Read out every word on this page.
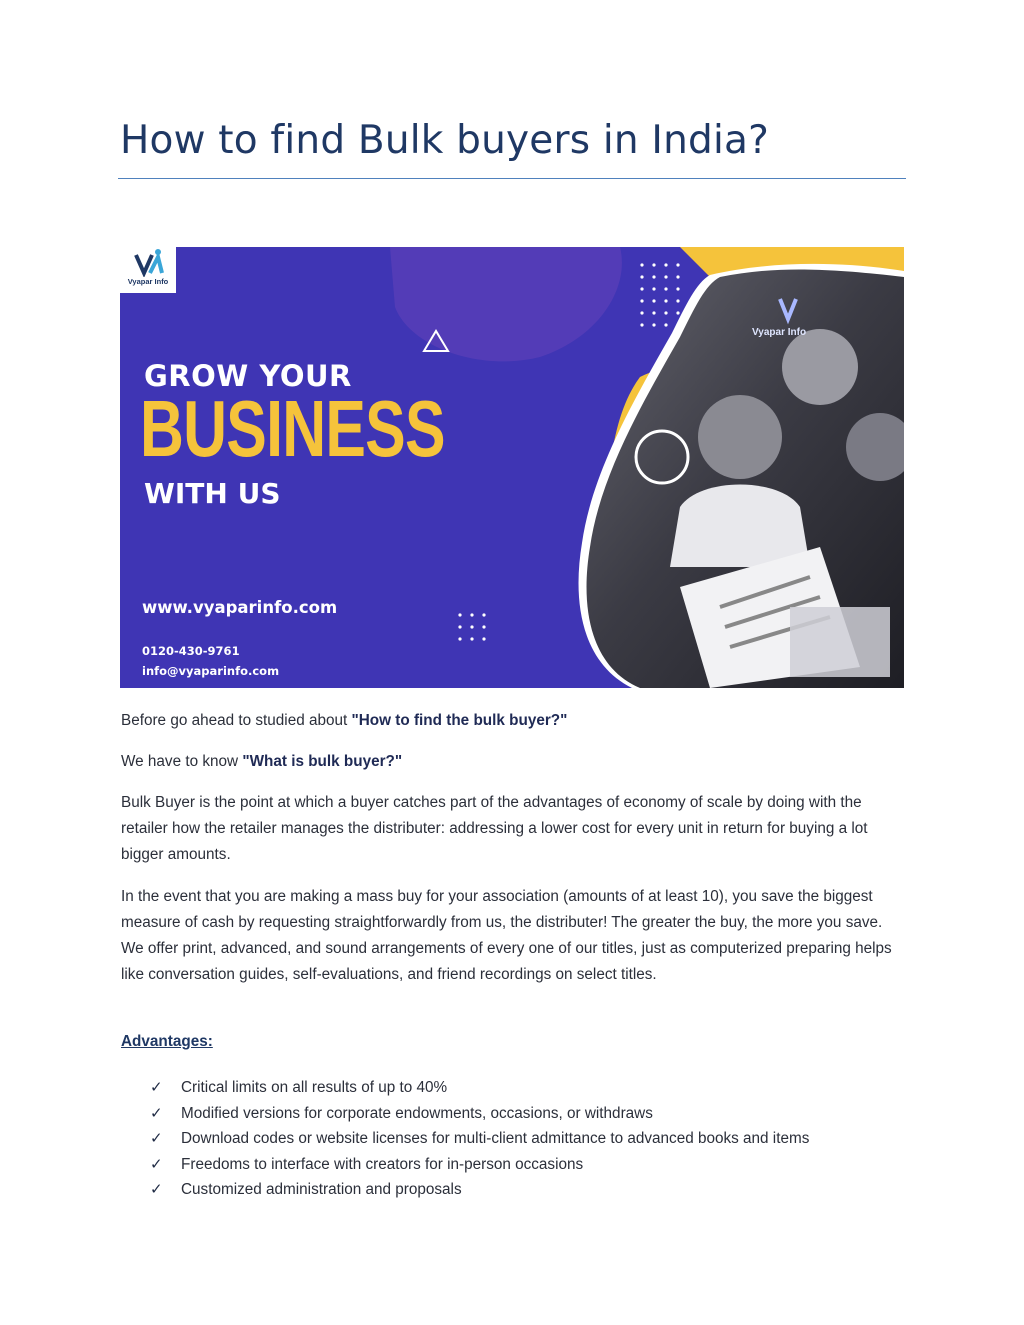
How to find Bulk buyers in India?
Vyapar Info
Vyapar Info
GROW YOUR
BUSINESS
WITH US
www.vyaparinfo.com
0120-430-9761
info@vyaparinfo.com

Before go ahead to studied about "How to find the bulk buyer?"

We have to know "What is bulk buyer?"

Bulk Buyer is the point at which a buyer catches part of the advantages of economy of scale by doing with the retailer how the retailer manages the distributer: addressing a lower cost for every unit in return for buying a lot bigger amounts.

In the event that you are making a mass buy for your association (amounts of at least 10), you save the biggest measure of cash by requesting straightforwardly from us, the distributer! The greater the buy, the more you save. We offer print, advanced, and sound arrangements of every one of our titles, just as computerized preparing helps like conversation guides, self-evaluations, and friend recordings on select titles.

Advantages:

✓ Critical limits on all results of up to 40%
✓ Modified versions for corporate endowments, occasions, or withdraws
✓ Download codes or website licenses for multi-client admittance to advanced books and items
✓ Freedoms to interface with creators for in-person occasions
✓ Customized administration and proposals
